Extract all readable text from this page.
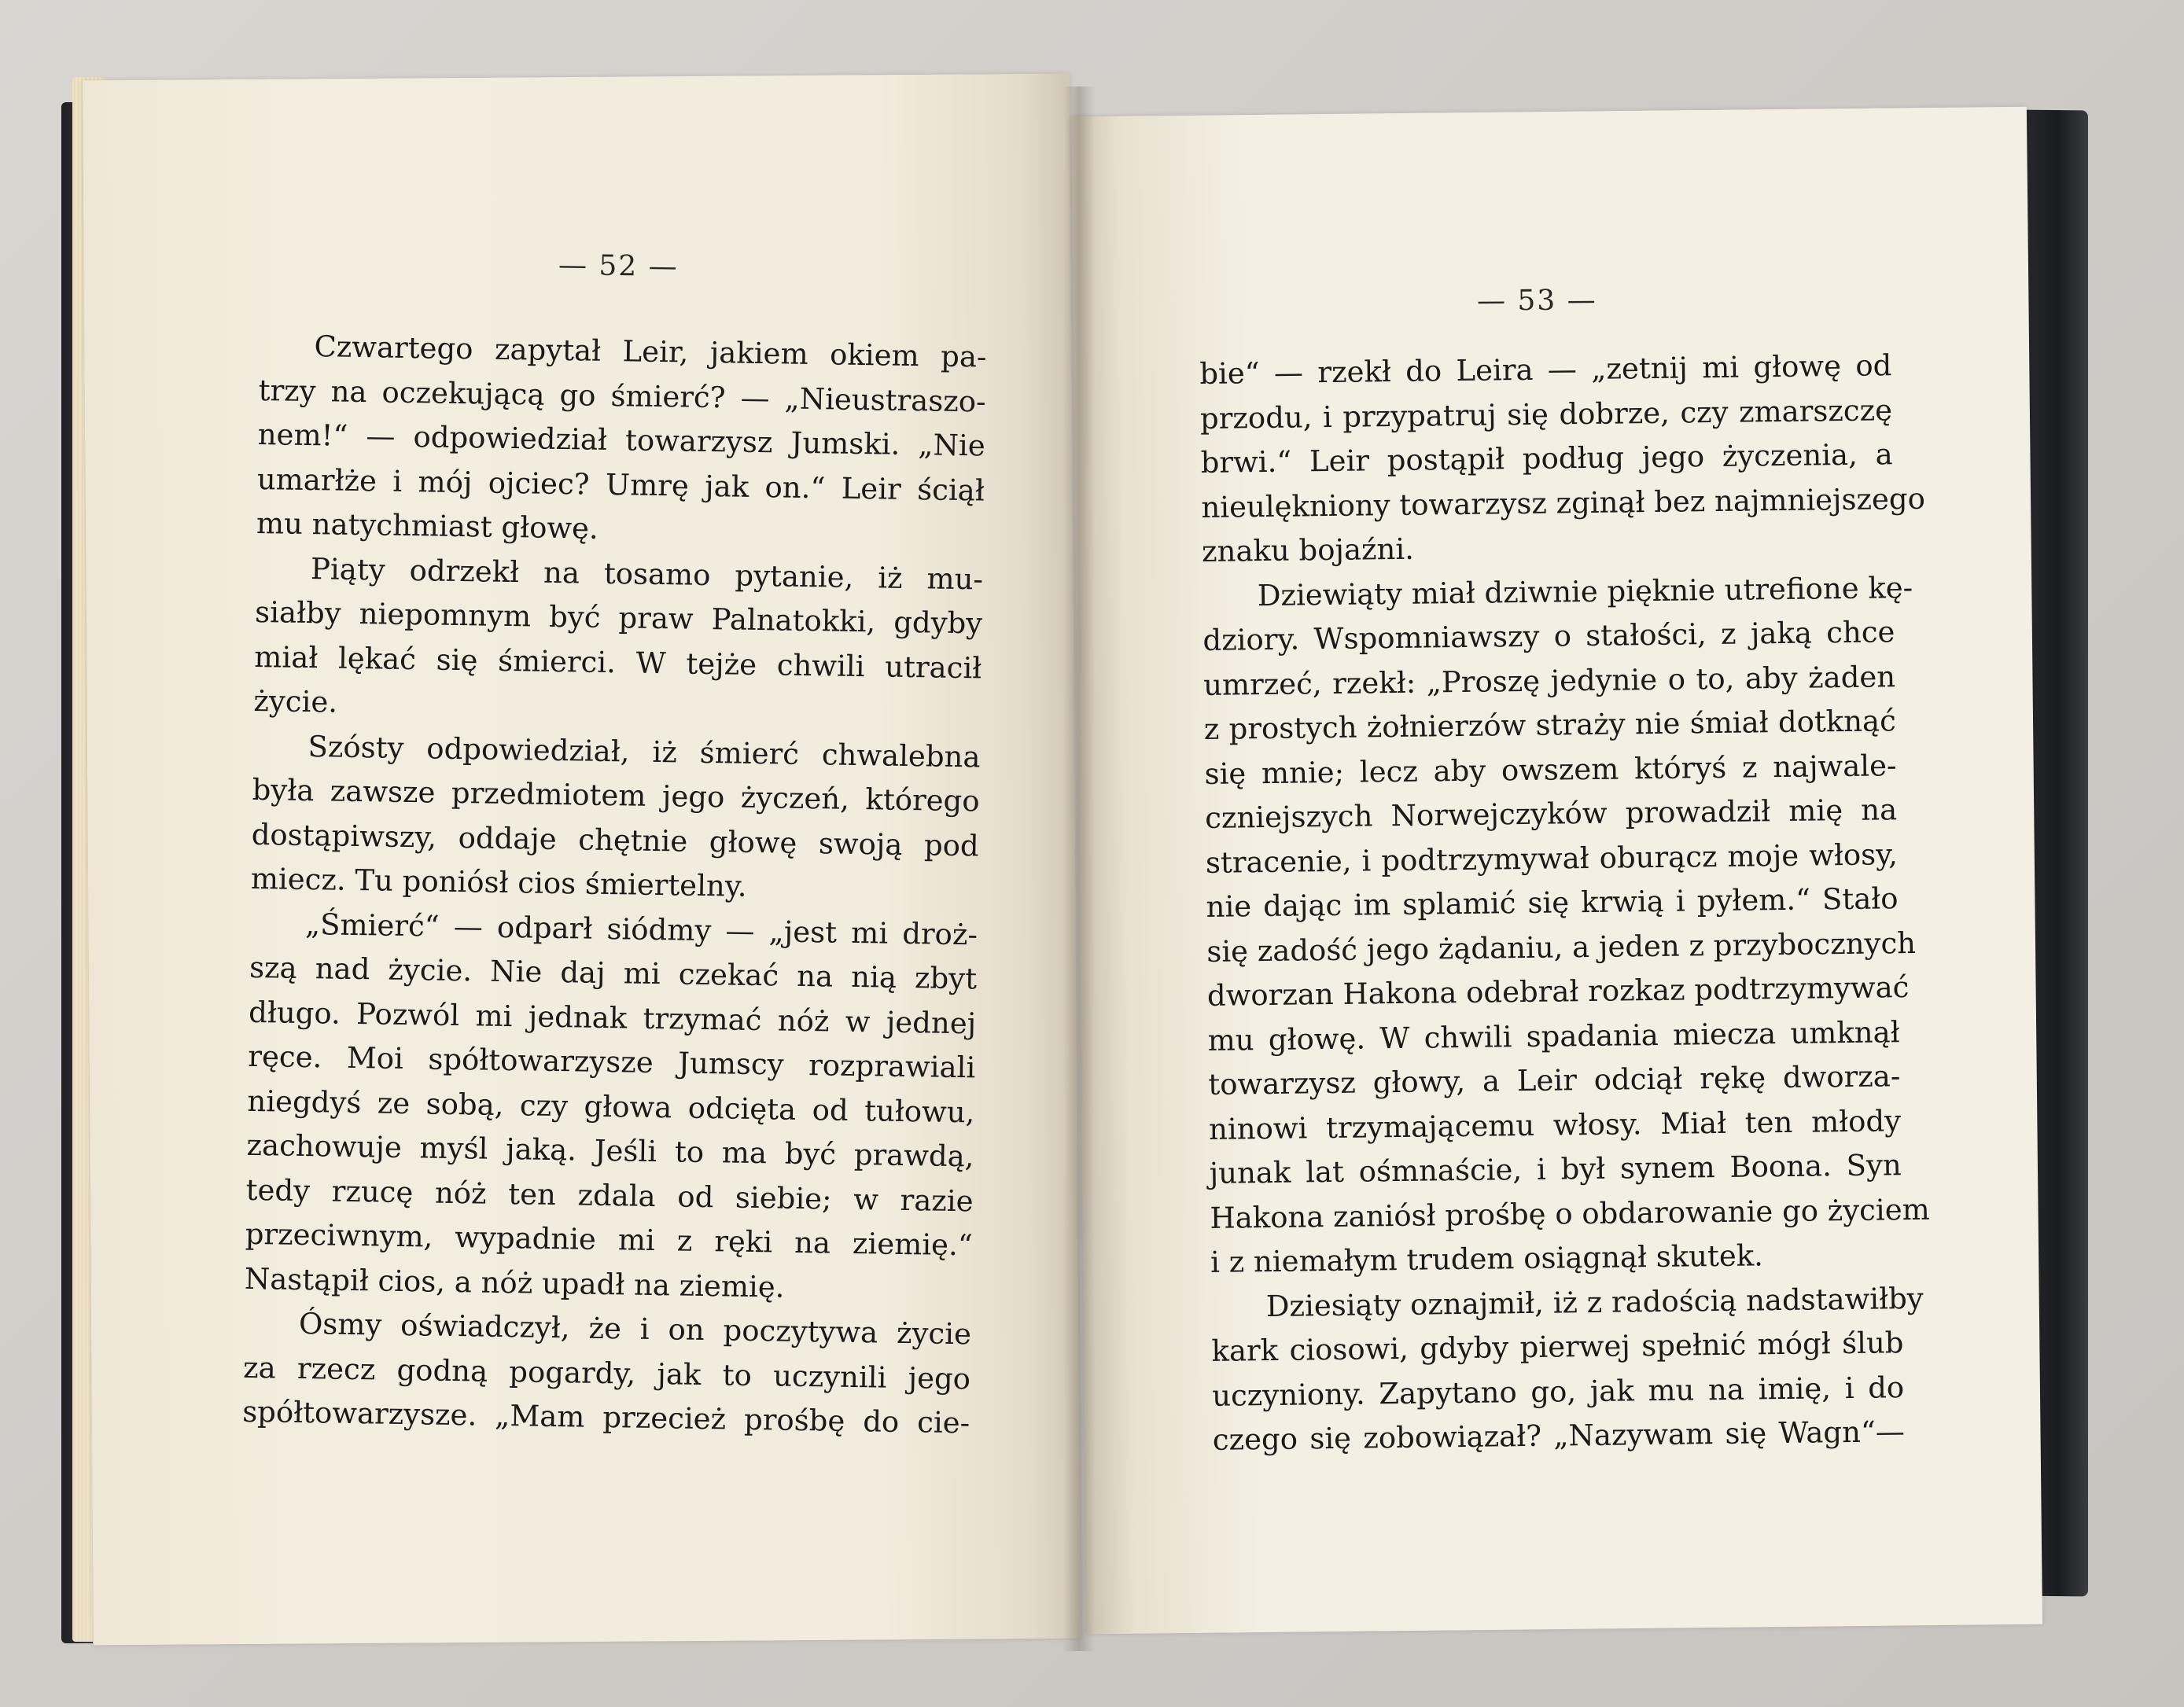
— 52 —
— 53 —
Czwartego zapytał Leir, jakiem okiem pa-
trzy na oczekującą go śmierć? — „Nieustraszo-
nem!“ — odpowiedział towarzysz Jumski. „Nie
umarłże i mój ojciec? Umrę jak on.“ Leir ściął
mu natychmiast głowę.
Piąty odrzekł na tosamo pytanie, iż mu-
siałby niepomnym być praw Palnatokki, gdyby
miał lękać się śmierci. W tejże chwili utracił
życie.
Szósty odpowiedział, iż śmierć chwalebna
była zawsze przedmiotem jego życzeń, którego
dostąpiwszy, oddaje chętnie głowę swoją pod
miecz. Tu poniósł cios śmiertelny.
„Śmierć“ — odparł siódmy — „jest mi droż-
szą nad życie. Nie daj mi czekać na nią zbyt
długo. Pozwól mi jednak trzymać nóż w jednej
ręce. Moi spółtowarzysze Jumscy rozprawiali
niegdyś ze sobą, czy głowa odcięta od tułowu,
zachowuje myśl jaką. Jeśli to ma być prawdą,
tedy rzucę nóż ten zdala od siebie; w razie
przeciwnym, wypadnie mi z ręki na ziemię.“
Nastąpił cios, a nóż upadł na ziemię.
Ósmy oświadczył, że i on poczytywa życie
za rzecz godną pogardy, jak to uczynili jego
spółtowarzysze. „Mam przecież prośbę do cie-
bie“ — rzekł do Leira — „zetnij mi głowę od
przodu, i przypatruj się dobrze, czy zmarszczę
brwi.“ Leir postąpił podług jego życzenia, a
nieulękniony towarzysz zginął bez najmniejszego
znaku bojaźni.
Dziewiąty miał dziwnie pięknie utrefione kę-
dziory. Wspomniawszy o stałości, z jaką chce
umrzeć, rzekł: „Proszę jedynie o to, aby żaden
z prostych żołnierzów straży nie śmiał dotknąć
się mnie; lecz aby owszem któryś z najwale-
czniejszych Norwejczyków prowadził mię na
stracenie, i podtrzymywał oburącz moje włosy,
nie dając im splamić się krwią i pyłem.“ Stało
się zadość jego żądaniu, a jeden z przybocznych
dworzan Hakona odebrał rozkaz podtrzymywać
mu głowę. W chwili spadania miecza umknął
towarzysz głowy, a Leir odciął rękę dworza-
ninowi trzymającemu włosy. Miał ten młody
junak lat ośmnaście, i był synem Boona. Syn
Hakona zaniósł prośbę o obdarowanie go życiem
i z niemałym trudem osiągnął skutek.
Dziesiąty oznajmił, iż z radością nadstawiłby
kark ciosowi, gdyby pierwej spełnić mógł ślub
uczyniony. Zapytano go, jak mu na imię, i do
czego się zobowiązał? „Nazywam się Wagn“—
